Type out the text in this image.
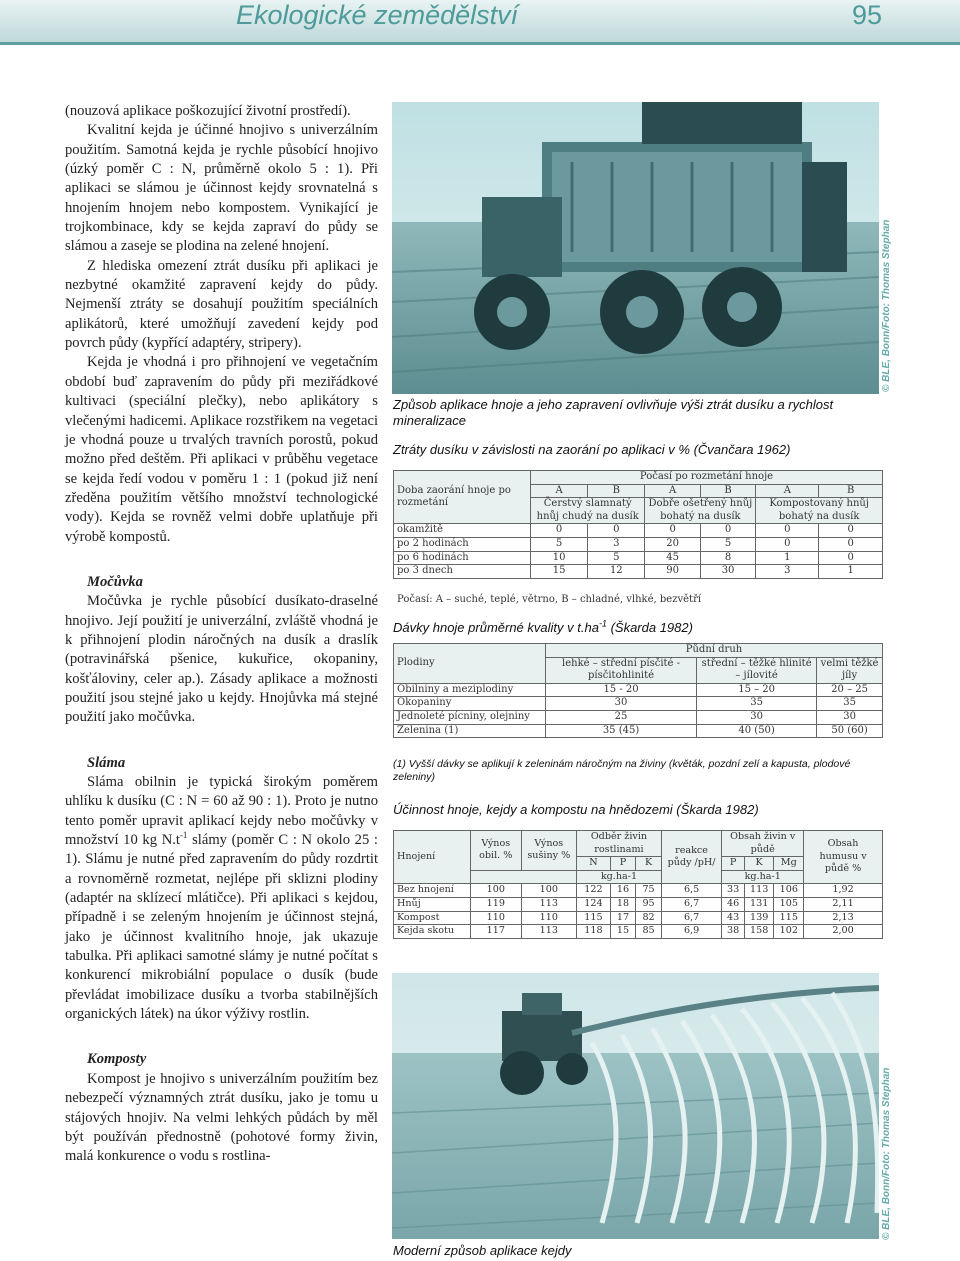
Ekologické zemědělství	95

(nouzová aplikace poškozující životní prostředí).

Kvalitní kejda je účinné hnojivo s univerzálním použitím. Samotná kejda je rychle působící hnojivo (úzký poměr C : N, průměrně okolo 5 : 1). Při aplikaci se slámou je účinnost kejdy srovnatelná s hnojením hnojem nebo kompostem. Vynikající je trojkombinace, kdy se kejda zapraví do půdy se slámou a zaseje se plodina na zelené hnojení.

Z hlediska omezení ztrát dusíku při aplikaci je nezbytné okamžité zapravení kejdy do půdy. Nejmenší ztráty se dosahují použitím speciálních aplikátorů, které umožňují zavedení kejdy pod povrch půdy (kypřící adaptéry, stripery).

Kejda je vhodná i pro přihnojení ve vegetačním období buď zapravením do půdy při meziřádkové kultivaci (speciální plečky), nebo aplikátory s vlečenými hadicemi. Aplikace rozstřikem na vegetaci je vhodná pouze u trvalých travních porostů, pokud možno před deštěm. Při aplikaci v průběhu vegetace se kejda ředí vodou v poměru 1 : 1 (pokud již není zředěna použitím většího množství technologické vody). Kejda se rovněž velmi dobře uplatňuje při výrobě kompostů.

Močůvka

Močůvka je rychle působící dusíkato-draselné hnojivo. Její použití je univerzální, zvláště vhodná je k přihnojení plodin náročných na dusík a draslík (potravinářská pšenice, kukuřice, okopaniny, košťáloviny, celer ap.). Zásady aplikace a možnosti použití jsou stejné jako u kejdy. Hnojůvka má stejné použití jako močůvka.

Sláma

Sláma obilnin je typická širokým poměrem uhlíku k dusíku (C : N = 60 až 90 : 1). Proto je nutno tento poměr upravit aplikací kejdy nebo močůvky v množství 10 kg $N.t^{-1}$ slámy (poměr C : N okolo 25 : 1). Slámu je nutné před zapravením do půdy rozdrtit a rovnoměrně rozmetat, nejlépe při sklizni plodiny (adaptér na sklízecí mlátičce). Při aplikaci s kejdou, případně i se zeleným hnojením je účinnost stejná, jako je účinnost kvalitního hnoje, jak ukazuje tabulka. Při aplikaci samotné slámy je nutné počítat s konkurencí mikrobiální populace o dusík (bude převládat imobilizace dusíku a tvorba stabilnějších organických látek) na úkor výživy rostlin.

Komposty

Kompost je hnojivo s univerzálním použitím bez nebezpečí významných ztrát dusíku, jako je tomu u stájových hnojiv. Na velmi lehkých půdách by měl být používán přednostně (pohotové formy živin, malá konkurence o vodu s rostlina-

© BLE, Bonn/Foto: Thomas Stephan
Způsob aplikace hnoje a jeho zapravení ovlivňuje výši ztrát dusíku a rychlost mineralizace
Ztráty dusíku v závislosti na zaorání po aplikaci v % (Čvančara 1962)
Doba zaorání hnoje po rozmetání	Počasí po rozmetání hnoje					
	A	B	A	B	A	B
	Čerstvý slamnatý hnůj chudý na dusík		Dobře ošetřený hnůj bohatý na dusík		Kompostovaný hnůj bohatý na dusík	
okamžitě	0	0	0	0	0	0
po 2 hodinách	5	3	20	5	0	0
po 6 hodinách	10	5	45	8	1	0
po 3 dnech	15	12	90	30	3	1
Počasí: A – suché, teplé, větrno, B – chladné, vlhké, bezvětří
Dávky hnoje průměrné kvality v $t.ha^{-1}$ (Škarda 1982)
Plodiny	Půdní druh		
	lehké – střední písčité - písčitohlinité	střední – těžké hlinité – jílovité	velmi těžké jíly
Obilniny a meziplodiny	15 - 20	15 – 20	20 – 25
Okopaniny	30	35	35
Jednoleté pícniny, olejniny	25	30	30
Zelenina (1)	35 (45)	40 (50)	50 (60)
(1) Vyšší dávky se aplikují k zeleninám náročným na živiny (květák, pozdní zelí a kapusta, plodové zeleniny)
Účinnost hnoje, kejdy a kompostu na hnědozemi (Škarda 1982)
Hnojení	Výnos obil. %	Výnos sušiny %	Odběr živin rostlinami			reakce půdy /pH/	Obsah živin v půdě			Obsah humusu v půdě %
			N	P	K		P	K	Mg	
			kg.ha-1				kg.ha-1			
Bez hnojení	100	100	122	16	75	6,5	33	113	106	1,92
Hnůj	119	113	124	18	95	6,7	46	131	105	2,11
Kompost	110	110	115	17	82	6,7	43	139	115	2,13
Kejda skotu	117	113	118	15	85	6,9	38	158	102	2,00
© BLE, Bonn/Foto: Thomas Stephan
Moderní způsob aplikace kejdy
